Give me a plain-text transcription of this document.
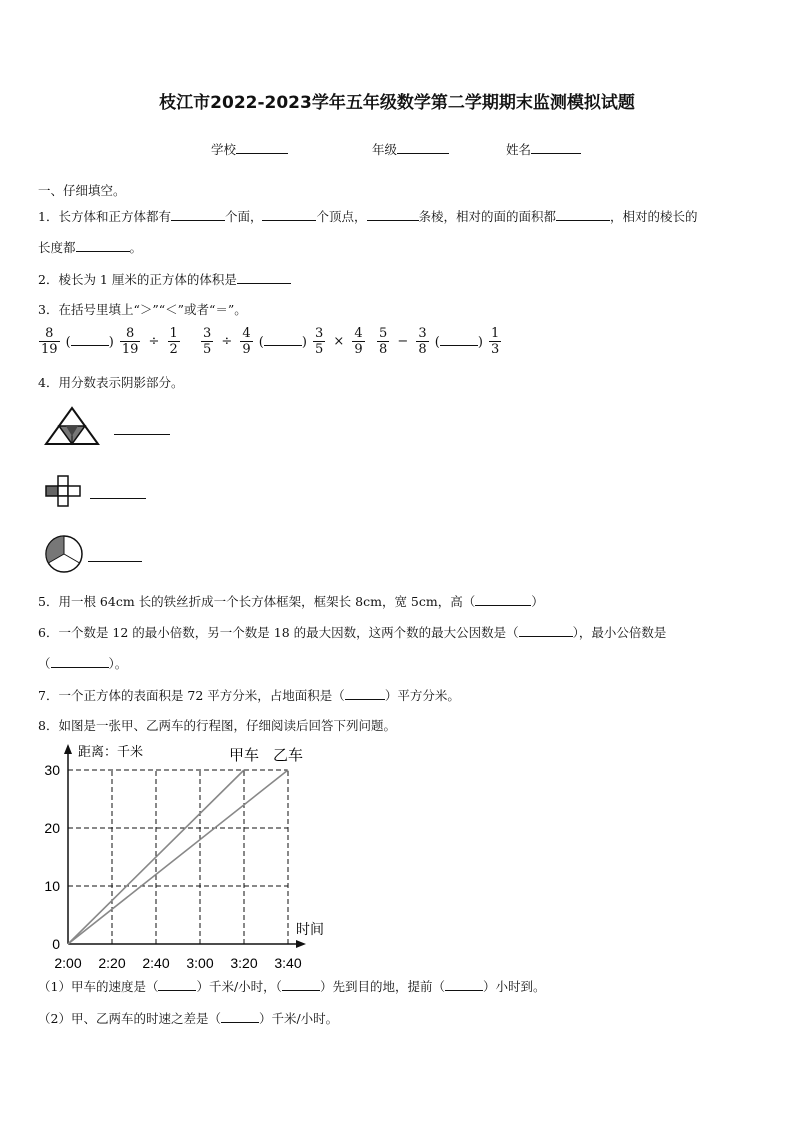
枝江市2022-2023学年五年级数学第二学期期末监测模拟试题
学校	年级	姓名
一、仔细填空。
1．长方体和正方体都有	个面，	个顶点，	条棱，相对的面的面积都	，相对的棱长的
长度都	。
2．棱长为 1 厘米的正方体的体积是
3．在括号里填上“＞”“＜”或者“＝”。
$\frac{8}{19}$ (	) $\frac{8}{19} \div \frac{1}{2} \frac{3}{5} \div \frac{4}{9}$ (	) $\frac{3}{5} \times \frac{4}{9} \frac{5}{8} - \frac{3}{8}$ (	) $\frac{1}{3}$
4．用分数表示阴影部分。
5．用一根 64cm 长的铁丝折成一个长方体框架，框架长 8cm，宽 5cm，高（	）
6．一个数是 12 的最小倍数，另一个数是 18 的最大因数，这两个数的最大公因数是（	），最小公倍数是
（	）。
7．一个正方体的表面积是 72 平方分米，占地面积是（	）平方分米。
8．如图是一张甲、乙两车的行程图，仔细阅读后回答下列问题。
0
10
20
30
2:00 2:20 2:40 3:00 3:20 3:40
距离：千米
时间
甲车 乙车
（1）甲车的速度是（	）千米/小时，（	）先到目的地，提前（	）小时到。
（2）甲、乙两车的时速之差是（	）千米/小时。
